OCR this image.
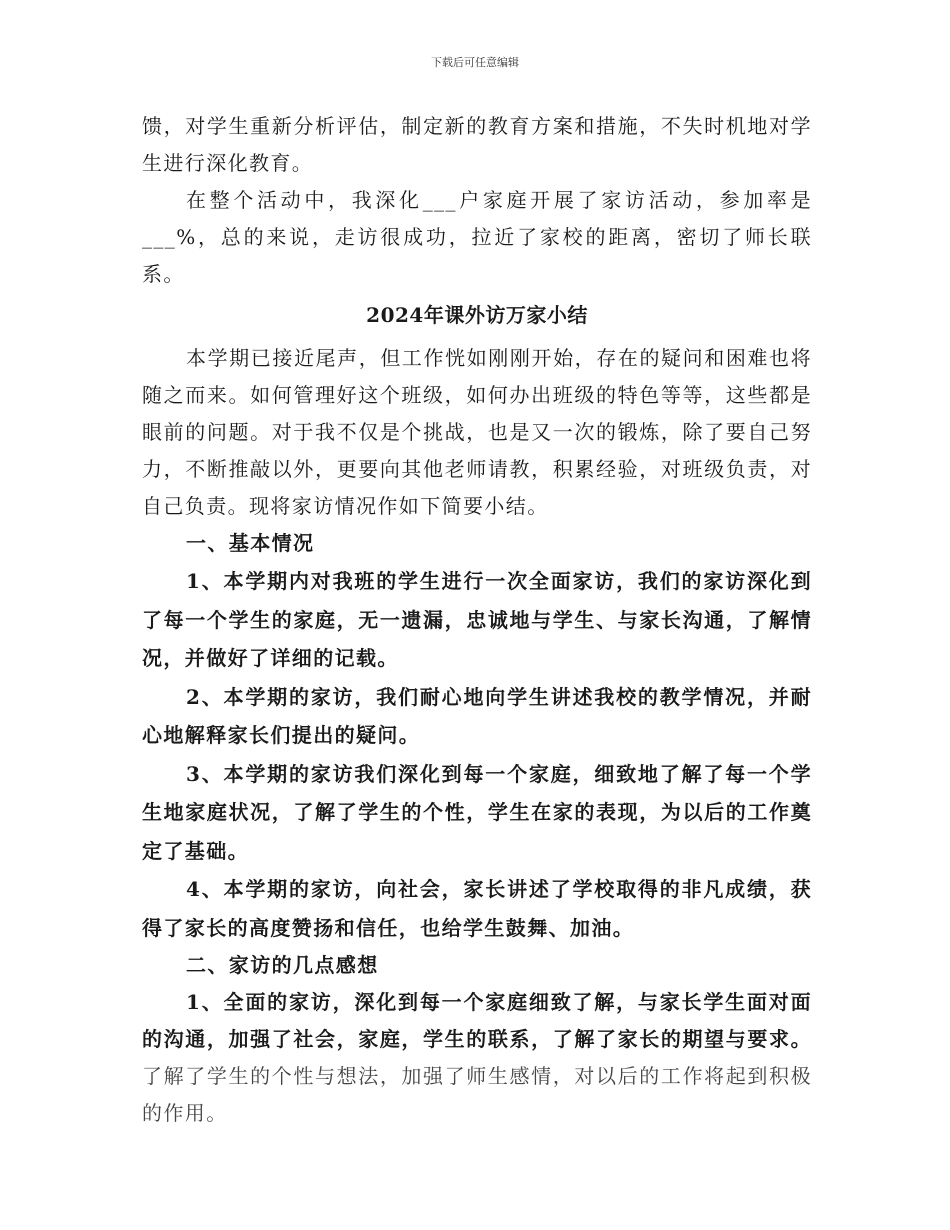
下载后可任意编辑

馈，对学生重新分析评估，制定新的教育方案和措施，不失时机地对学生进行深化教育。

在整个活动中，我深化___户家庭开展了家访活动，参加率是___%，总的来说，走访很成功，拉近了家校的距离，密切了师长联系。

2024年课外访万家小结

本学期已接近尾声，但工作恍如刚刚开始，存在的疑问和困难也将随之而来。如何管理好这个班级，如何办出班级的特色等等，这些都是眼前的问题。对于我不仅是个挑战，也是又一次的锻炼，除了要自己努力，不断推敲以外，更要向其他老师请教，积累经验，对班级负责，对自己负责。现将家访情况作如下简要小结。

一、基本情况

1、本学期内对我班的学生进行一次全面家访，我们的家访深化到了每一个学生的家庭，无一遗漏，忠诚地与学生、与家长沟通，了解情况，并做好了详细的记载。

2、本学期的家访，我们耐心地向学生讲述我校的教学情况，并耐心地解释家长们提出的疑问。

3、本学期的家访我们深化到每一个家庭，细致地了解了每一个学生地家庭状况，了解了学生的个性，学生在家的表现，为以后的工作奠定了基础。

4、本学期的家访，向社会，家长讲述了学校取得的非凡成绩，获得了家长的高度赞扬和信任，也给学生鼓舞、加油。

二、家访的几点感想

1、全面的家访，深化到每一个家庭细致了解，与家长学生面对面的沟通，加强了社会，家庭，学生的联系，了解了家长的期望与要求。了解了学生的个性与想法，加强了师生感情，对以后的工作将起到积极的作用。
